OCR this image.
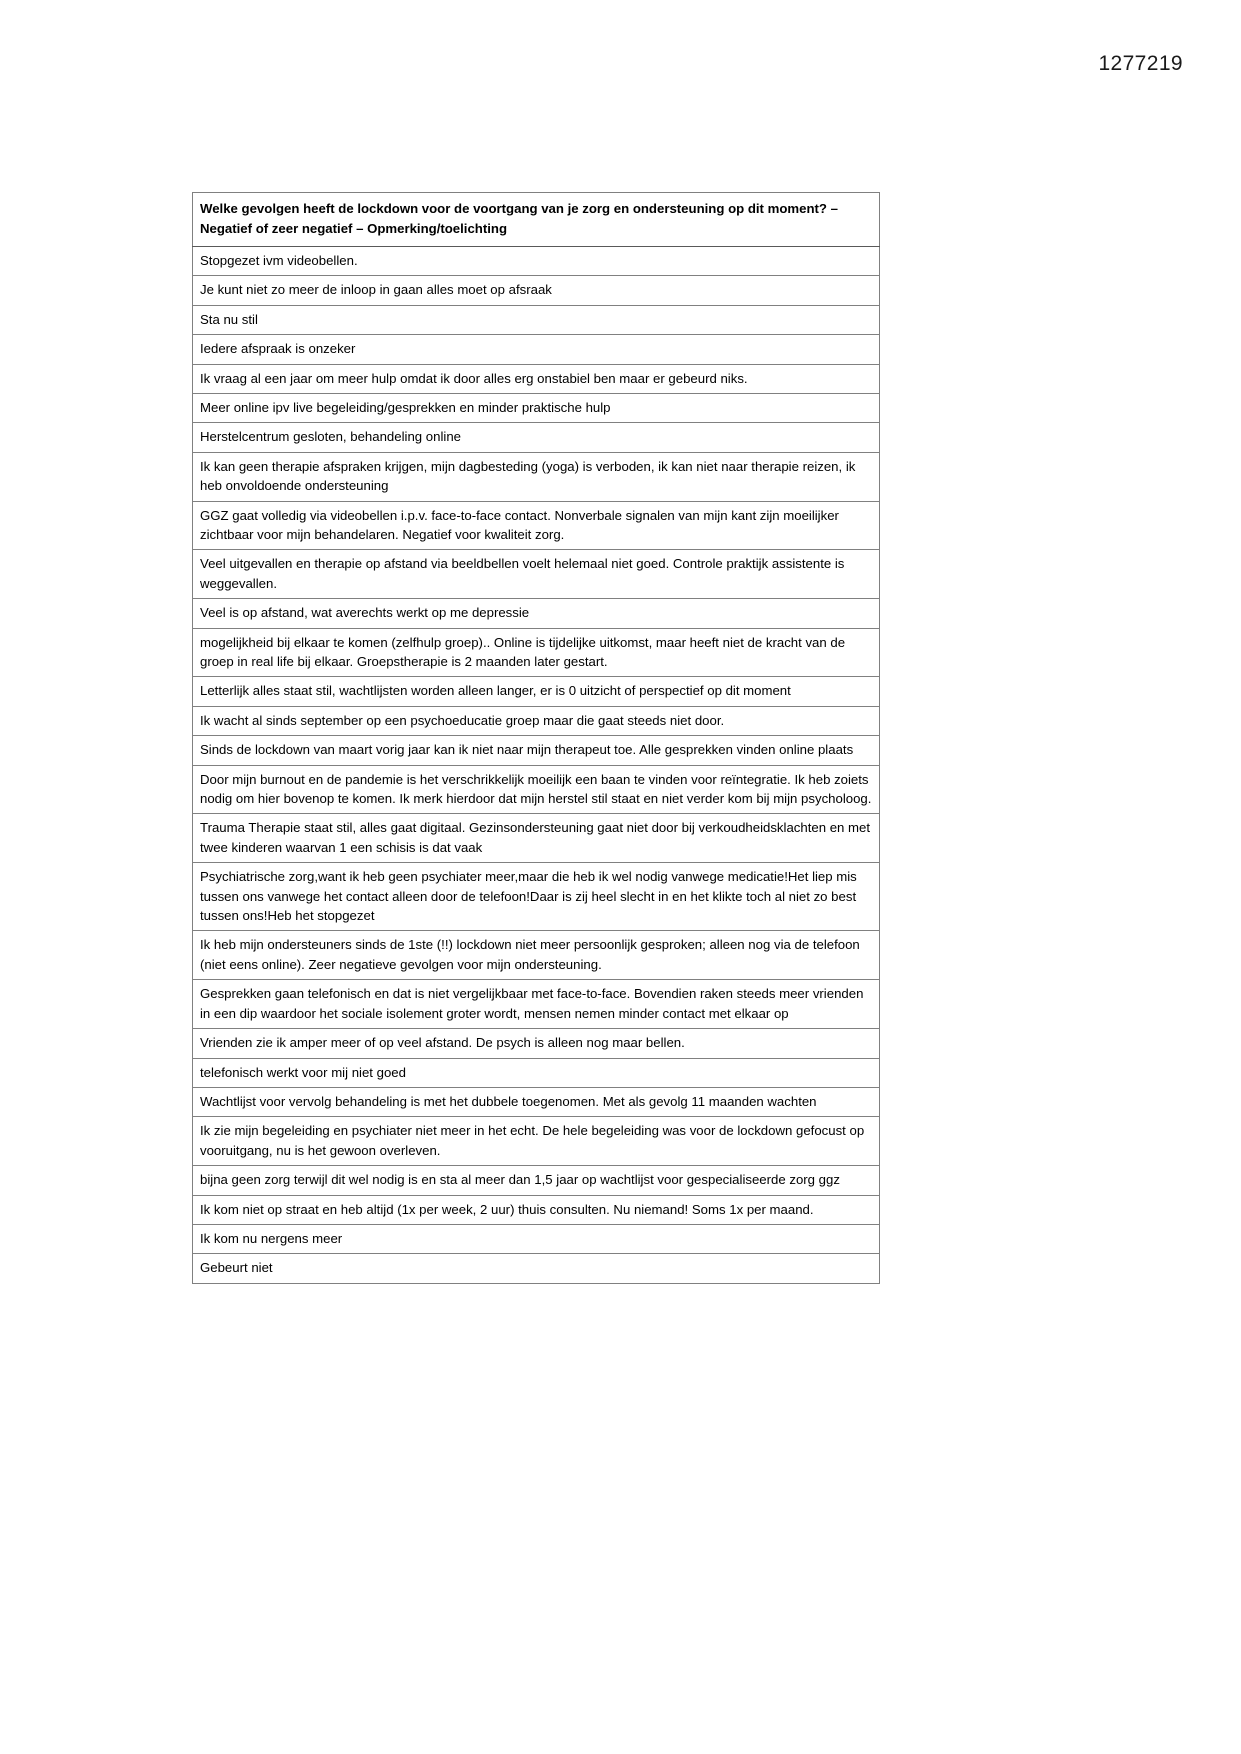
1277219
Welke gevolgen heeft de lockdown voor de voortgang van je zorg en ondersteuning op dit moment? – Negatief of zeer negatief – Opmerking/toelichting
Stopgezet ivm videobellen.
Je kunt niet zo meer de inloop in gaan alles moet op afsraak
Sta nu stil
Iedere afspraak is onzeker
Ik vraag al een jaar om meer hulp omdat ik door alles erg onstabiel ben maar er gebeurd niks.
Meer online ipv live begeleiding/gesprekken en minder praktische hulp
Herstelcentrum gesloten, behandeling online
Ik kan geen therapie afspraken krijgen, mijn dagbesteding (yoga) is verboden, ik kan niet naar therapie reizen, ik heb onvoldoende ondersteuning
GGZ gaat volledig via videobellen i.p.v. face-to-face contact. Nonverbale signalen van mijn kant zijn moeilijker zichtbaar voor mijn behandelaren. Negatief voor kwaliteit zorg.
Veel uitgevallen en therapie op afstand via beeldbellen voelt helemaal niet goed. Controle praktijk assistente is weggevallen.
Veel is op afstand, wat averechts werkt op me depressie
mogelijkheid bij elkaar te komen (zelfhulp groep).. Online is tijdelijke uitkomst, maar heeft niet de kracht van de groep in real life bij elkaar. Groepstherapie is 2 maanden later gestart.
Letterlijk alles staat stil, wachtlijsten worden alleen langer, er is 0 uitzicht of perspectief op dit moment
Ik wacht al sinds september op een psychoeducatie groep maar die gaat steeds niet door.
Sinds de lockdown van maart vorig jaar kan ik niet naar mijn therapeut toe. Alle gesprekken vinden online plaats
Door mijn burnout en de pandemie is het verschrikkelijk moeilijk een baan te vinden voor reïntegratie. Ik heb zoiets nodig om hier bovenop te komen. Ik merk hierdoor dat mijn herstel stil staat en niet verder kom bij mijn psycholoog.
Trauma Therapie staat stil, alles gaat digitaal. Gezinsondersteuning gaat niet door bij verkoudheidsklachten en met twee kinderen waarvan 1 een schisis is dat vaak
Psychiatrische zorg,want ik heb geen psychiater meer,maar die heb ik wel nodig vanwege medicatie!Het liep mis tussen ons vanwege het contact alleen door de telefoon!Daar is zij heel slecht in en het klikte toch al niet zo best tussen ons!Heb het stopgezet
Ik heb mijn ondersteuners sinds de 1ste (!!) lockdown niet meer persoonlijk gesproken; alleen nog via de telefoon (niet eens online). Zeer negatieve gevolgen voor mijn ondersteuning.
Gesprekken gaan telefonisch en dat is niet vergelijkbaar met face-to-face. Bovendien raken steeds meer vrienden in een dip waardoor het sociale isolement groter wordt, mensen nemen minder contact met elkaar op
Vrienden zie ik amper meer of op veel afstand. De psych is alleen nog maar bellen.
telefonisch werkt voor mij niet goed
Wachtlijst voor vervolg behandeling is met het dubbele toegenomen. Met als gevolg 11 maanden wachten
Ik zie mijn begeleiding en psychiater niet meer in het echt. De hele begeleiding was voor de lockdown gefocust op vooruitgang, nu is het gewoon overleven.
bijna geen zorg terwijl dit wel nodig is en sta al meer dan 1,5 jaar op wachtlijst voor gespecialiseerde zorg ggz
Ik kom niet op straat en heb altijd (1x per week, 2 uur) thuis consulten. Nu niemand! Soms 1x per maand.
Ik kom nu nergens meer
Gebeurt niet
